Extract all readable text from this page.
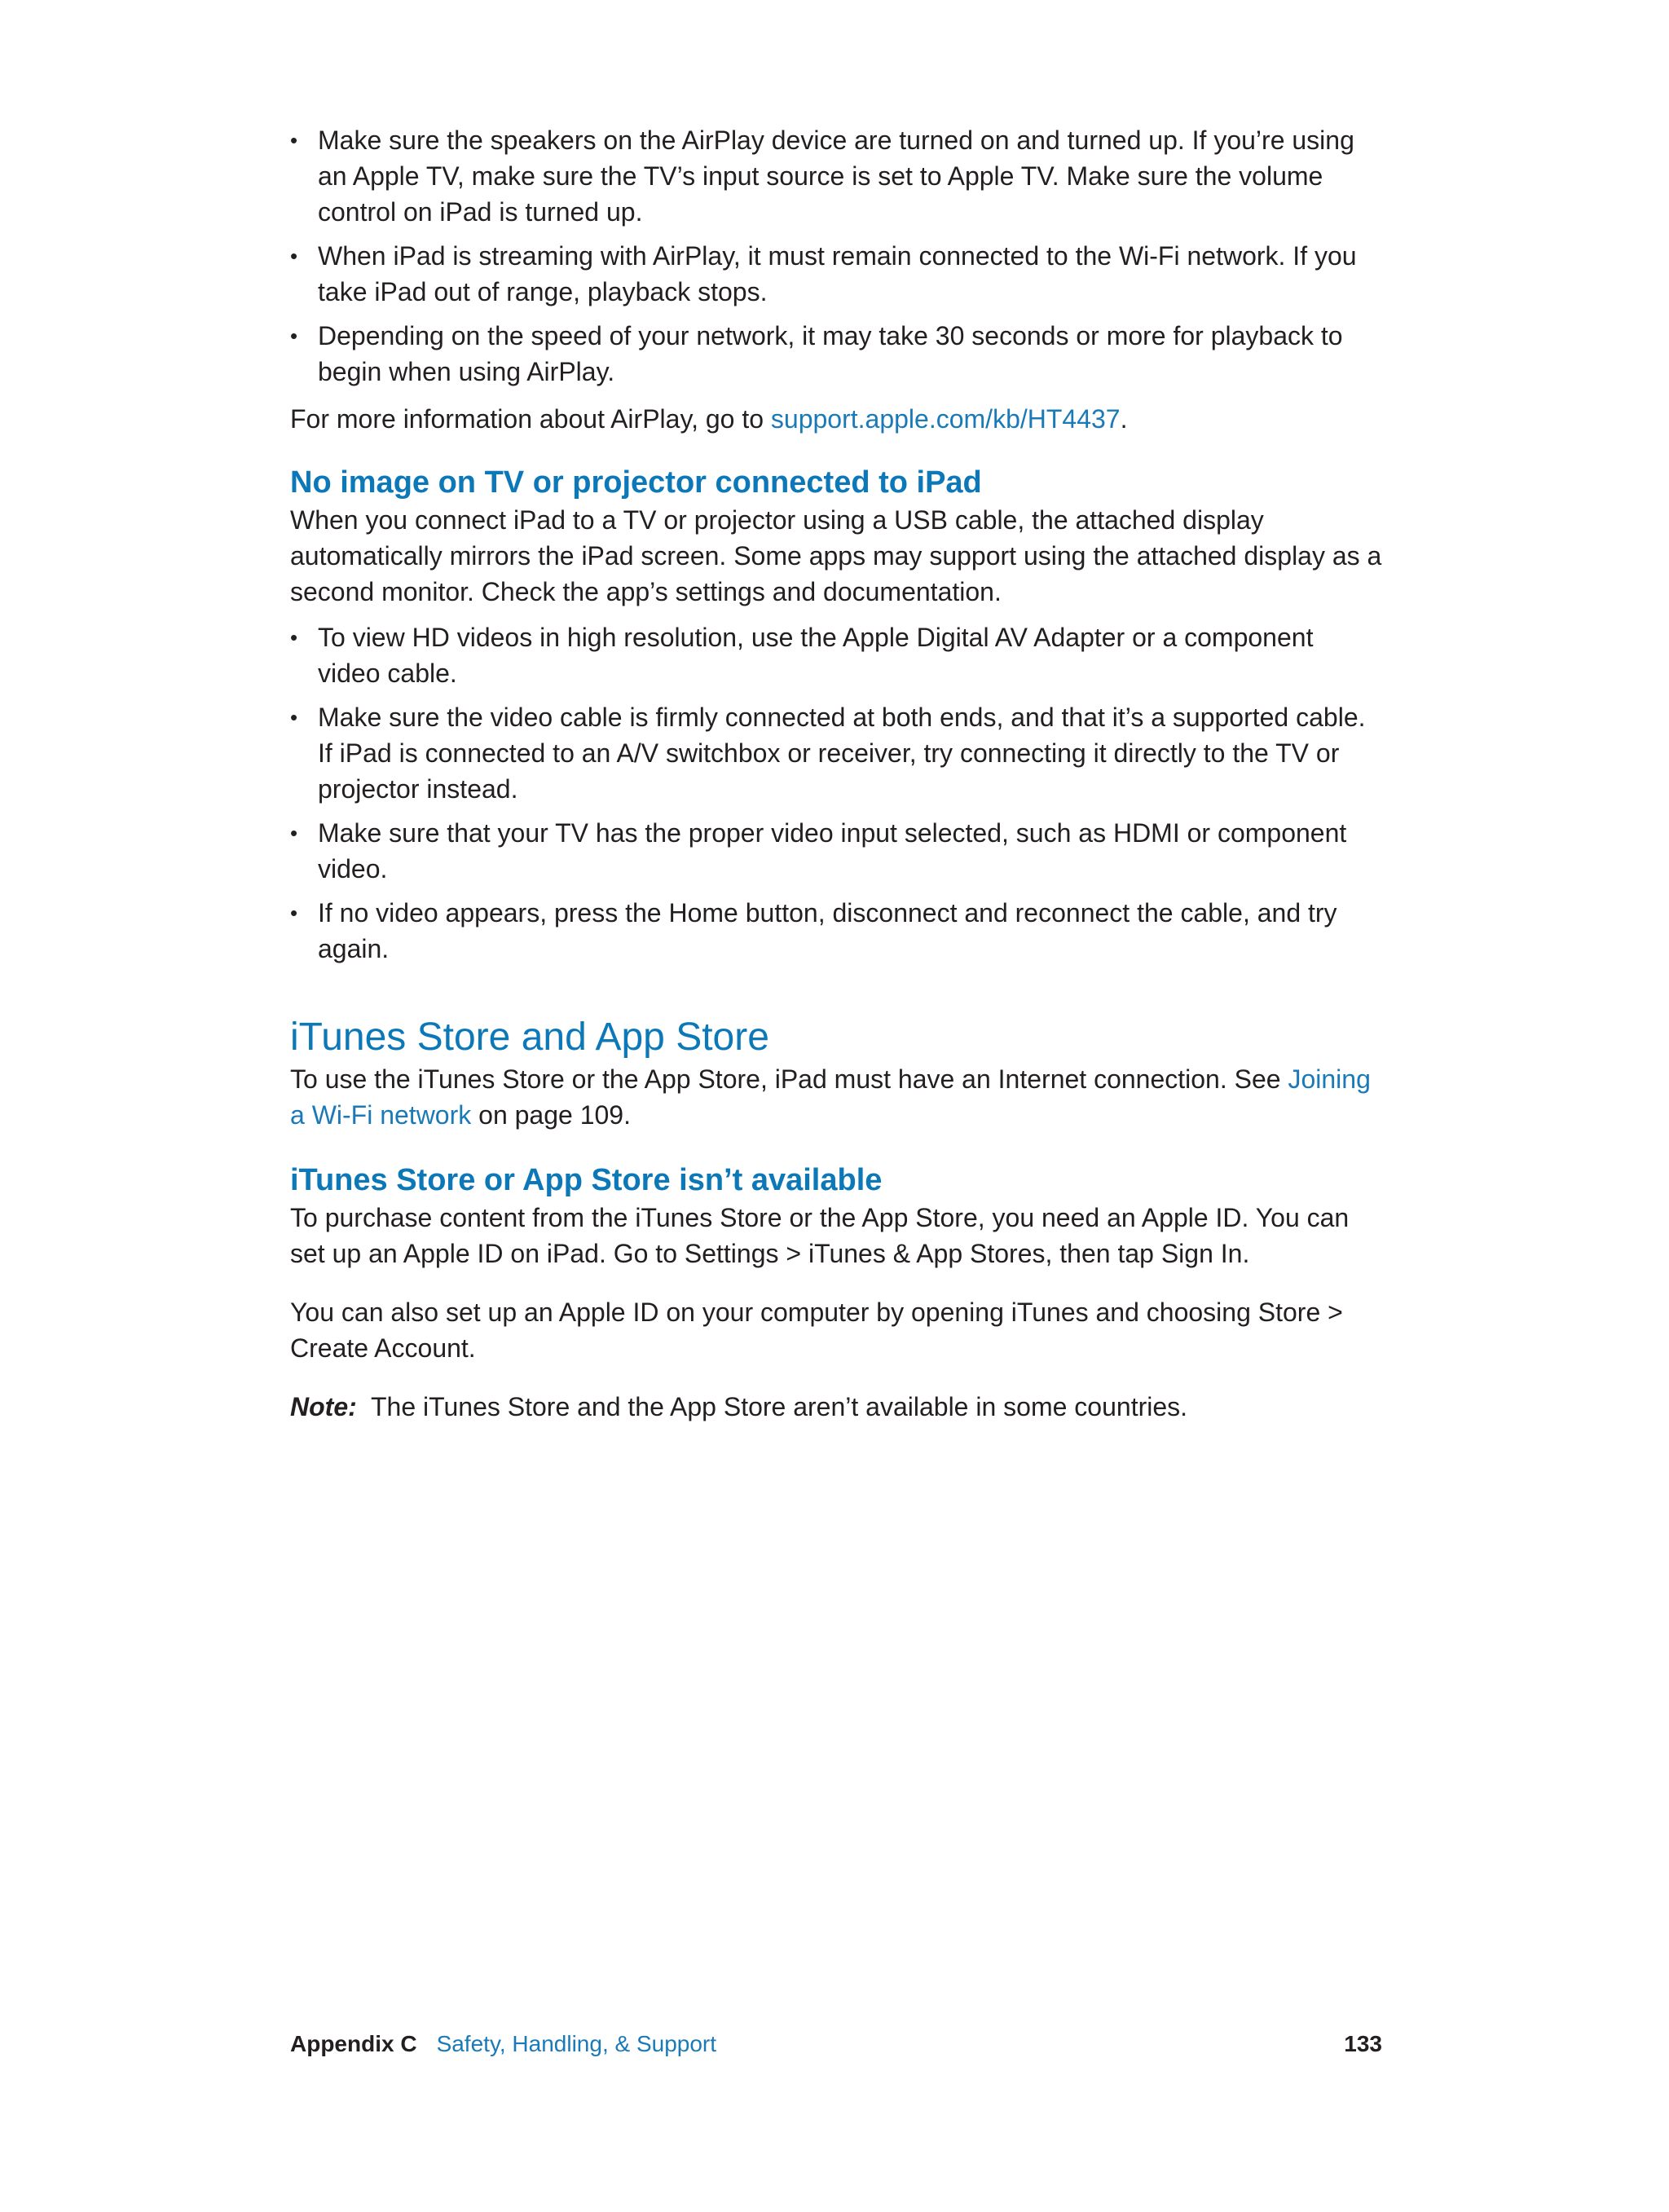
• Make sure the speakers on the AirPlay device are turned on and turned up. If you’re using an Apple TV, make sure the TV’s input source is set to Apple TV. Make sure the volume control on iPad is turned up.
• When iPad is streaming with AirPlay, it must remain connected to the Wi-Fi network. If you take iPad out of range, playback stops.
• Depending on the speed of your network, it may take 30 seconds or more for playback to begin when using AirPlay.

For more information about AirPlay, go to support.apple.com/kb/HT4437.

No image on TV or projector connected to iPad

When you connect iPad to a TV or projector using a USB cable, the attached display automatically mirrors the iPad screen. Some apps may support using the attached display as a second monitor. Check the app’s settings and documentation.

• To view HD videos in high resolution, use the Apple Digital AV Adapter or a component video cable.
• Make sure the video cable is firmly connected at both ends, and that it’s a supported cable. If iPad is connected to an A/V switchbox or receiver, try connecting it directly to the TV or projector instead.
• Make sure that your TV has the proper video input selected, such as HDMI or component video.
• If no video appears, press the Home button, disconnect and reconnect the cable, and try again.
iTunes Store and App Store

To use the iTunes Store or the App Store, iPad must have an Internet connection. See Joining a Wi-Fi network on page 109.

iTunes Store or App Store isn’t available

To purchase content from the iTunes Store or the App Store, you need an Apple ID. You can set up an Apple ID on iPad. Go to Settings > iTunes & App Stores, then tap Sign In.

You can also set up an Apple ID on your computer by opening iTunes and choosing Store > Create Account.

Note: The iTunes Store and the App Store aren’t available in some countries.

Appendix C Safety, Handling, & Support	133
